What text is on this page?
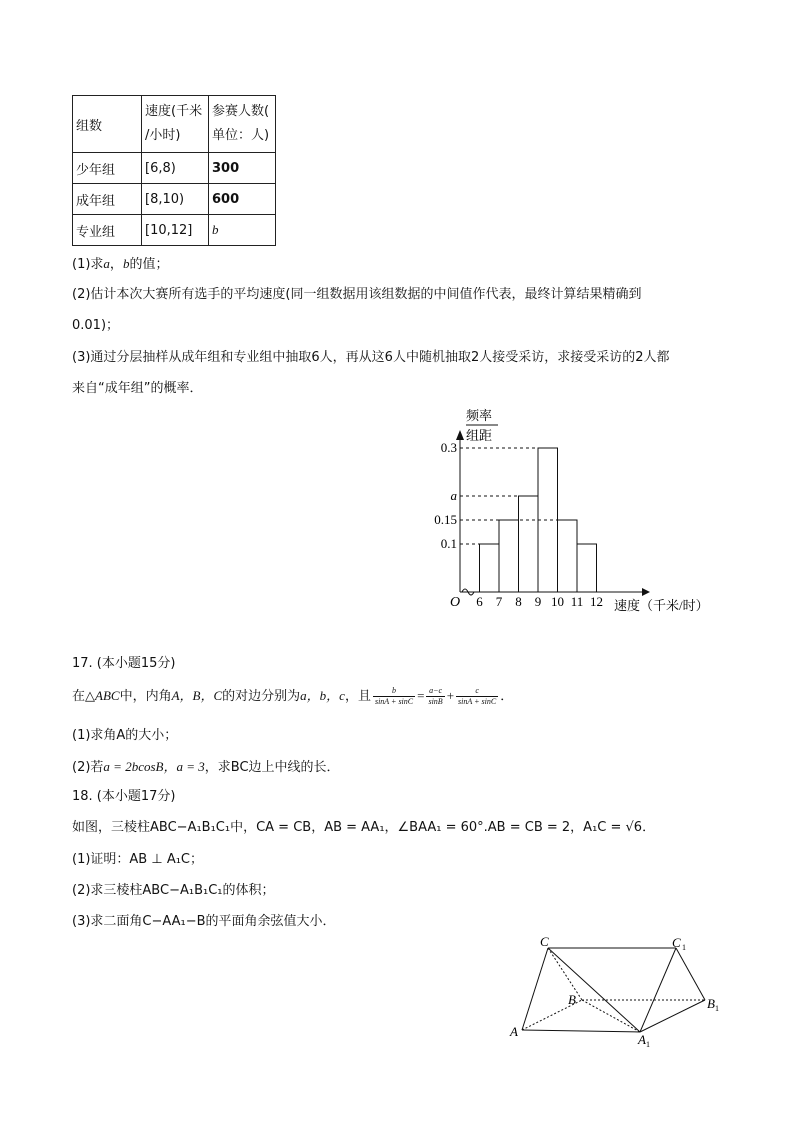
组数	速度(千米
/小时)	参赛人数(
单位：人)
少年组	[6,8)	300
成年组	[8,10)	600
专业组	[10,12]	b
(1)求a，b的值；
(2)估计本次大赛所有选手的平均速度(同一组数据用该组数据的中间值作代表，最终计算结果精确到
0.01)；
(3)通过分层抽样从成年组和专业组中抽取6人，再从这6人中随机抽取2人接受采访，求接受采访的2人都
来自“成年组”的概率．
频率
组距
0.3
a
0.15
0.1
O 6 7 8 9 10 11 12 速度（千米/时）
17. (本小题15分)
在△ABC中，内角A，B，C的对边分别为a，b，c，且 $\frac{b}{\sin A + \sin C} = \frac{a-c}{\sin B} + \frac{c}{\sin A + \sin C}$ ．
(1)求角A的大小；
(2)若a = 2bcosB，a = 3，求BC边上中线的长．
18. (本小题17分)
如图，三棱柱ABC−A₁B₁C₁中，CA = CB，AB = AA₁，∠BAA₁ = 60°.AB = CB = 2，A₁C = √6．
(1)证明：AB ⊥ A₁C；
(2)求三棱柱ABC−A₁B₁C₁的体积；
(3)求二面角C−AA₁−B的平面角余弦值大小．
C	C 1
B	B 1
A
A 1
